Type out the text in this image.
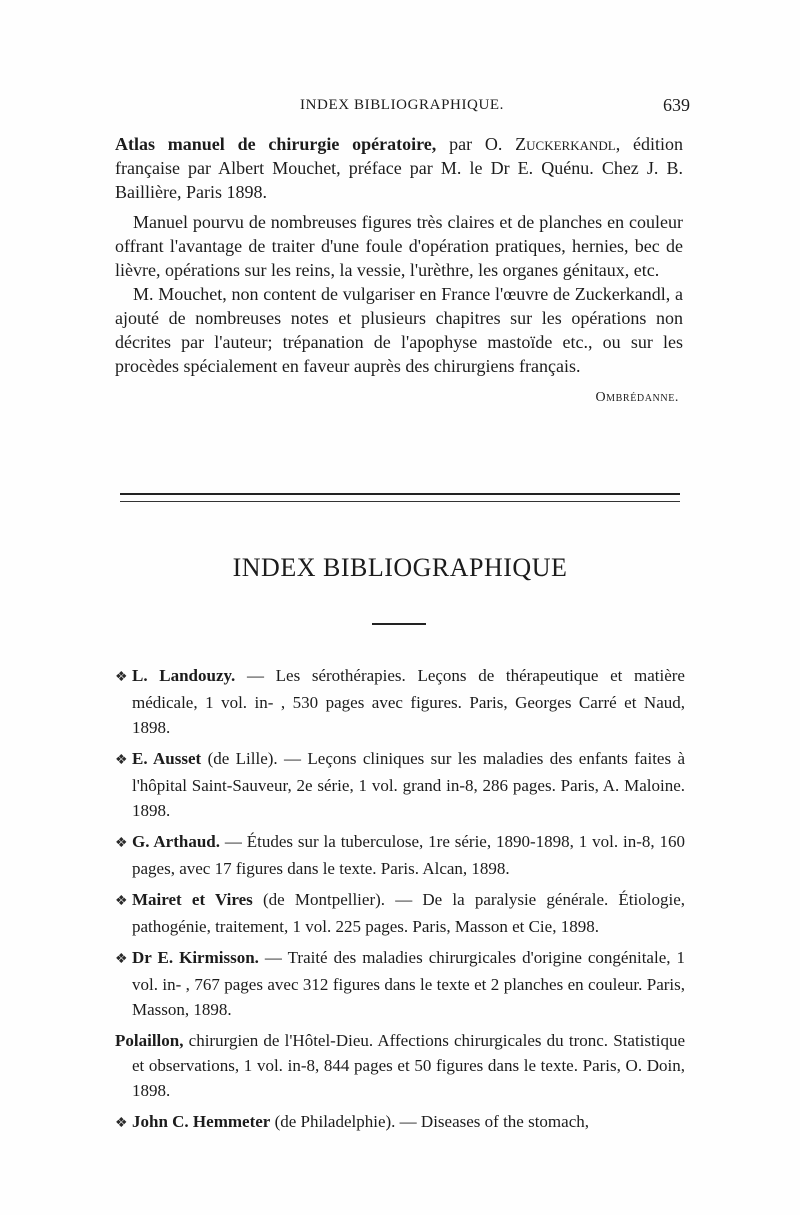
INDEX BIBLIOGRAPHIQUE.	639

Atlas manuel de chirurgie opératoire, par O. Zuckerkandl, édition française par Albert Mouchet, préface par M. le Dr E. Quénu. Chez J. B. Baillière, Paris 1898.

Manuel pourvu de nombreuses figures très claires et de planches en couleur offrant l'avantage de traiter d'une foule d'opération pratiques, hernies, bec de lièvre, opérations sur les reins, la vessie, l'urèthre, les organes génitaux, etc.

M. Mouchet, non content de vulgariser en France l'œuvre de Zuckerkandl, a ajouté de nombreuses notes et plusieurs chapitres sur les opérations non décrites par l'auteur; trépanation de l'apophyse mastoïde etc., ou sur les procèdes spécialement en faveur auprès des chirurgiens français.

Ombrédanne.

INDEX BIBLIOGRAPHIQUE

❖ L. Landouzy. — Les sérothérapies. Leçons de thérapeutique et matière médicale, 1 vol. in- , 530 pages avec figures. Paris, Georges Carré et Naud, 1898.

❖ E. Ausset (de Lille). — Leçons cliniques sur les maladies des enfants faites à l'hôpital Saint-Sauveur, 2e série, 1 vol. grand in-8, 286 pages. Paris, A. Maloine. 1898.

❖ G. Arthaud. — Études sur la tuberculose, 1re série, 1890-1898, 1 vol. in-8, 160 pages, avec 17 figures dans le texte. Paris. Alcan, 1898.

❖ Mairet et Vires (de Montpellier). — De la paralysie générale. Étiologie, pathogénie, traitement, 1 vol. 225 pages. Paris, Masson et Cie, 1898.

❖ Dr E. Kirmisson. — Traité des maladies chirurgicales d'origine congénitale, 1 vol. in- , 767 pages avec 312 figures dans le texte et 2 planches en couleur. Paris, Masson, 1898.

Polaillon, chirurgien de l'Hôtel-Dieu. Affections chirurgicales du tronc. Statistique et observations, 1 vol. in-8, 844 pages et 50 figures dans le texte. Paris, O. Doin, 1898.

❖ John C. Hemmeter (de Philadelphie). — Diseases of the stomach,
